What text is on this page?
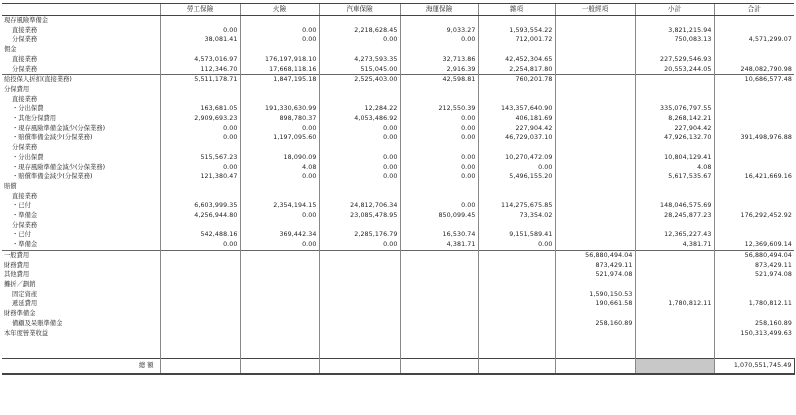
	勞工保險	火險	汽車保險	海運保險	雜項	一般經項	小計	合計
現存風險準備金								
直接業務	0.00	0.00	2,218,628.45	9,033.27	1,593,554.22		3,821,215.94	
分保業務	38,081.41	0.00	0.00	0.00	712,001.72		750,083.13	4,571,299.07
佣金								
直接業務	4,573,016.97	176,197,918.10	4,273,593.35	32,713.86	42,452,304.65		227,529,546.93	
分保業務	112,346.70	17,668,118.16	515,045.00	2,916.39	2,254,817.80		20,553,244.05	248,082,790.98
給投保人折扣(直接業務)	5,511,178.71	1,847,195.18	2,525,403.00	42,598.81	760,201.78			10,686,577.48
分保費用								
直接業務								
・分出保費	163,681.05	191,330,630.99	12,284.22	212,550.39	143,357,640.90		335,076,797.55	
・其他分保費用	2,909,693.23	898,780.37	4,053,486.92	0.00	406,181.69		8,268,142.21	
・現存風險準備金減少(分保業務)	0.00	0.00	0.00	0.00	227,904.42		227,904.42	
・賠償準備金減少(分保業務)	0.00	1,197,095.60	0.00	0.00	46,729,037.10		47,926,132.70	391,498,976.88
分保業務								
・分出保費	515,567.23	18,090.09	0.00	0.00	10,270,472.09		10,804,129.41	
・現存風險準備金減少(分保業務)	0.00	4.08	0.00	0.00	0.00		4.08	
・賠償準備金減少(分保業務)	121,380.47	0.00	0.00	0.00	5,496,155.20		5,617,535.67	16,421,669.16
賠償								
直接業務								
・已付	6,603,999.35	2,354,194.15	24,812,706.34	0.00	114,275,675.85		148,046,575.69	
・準備金	4,256,944.80	0.00	23,085,478.95	850,099.45	73,354.02		28,245,877.23	176,292,452.92
分保業務								
・已付	542,488.16	369,442.34	2,285,176.79	16,530.74	9,151,589.41		12,365,227.43	
・準備金	0.00	0.00	0.00	4,381.71	0.00		4,381.71	12,369,609.14
一般費用						56,880,494.04		56,880,494.04
財務費用						873,429.11		873,429.11
其他費用						521,974.08		521,974.08
攤折／劃銷								
固定資產						1,590,150.53		
遞延費用						190,661.58	1,780,812.11	1,780,812.11
財務準備金								
備顧及呆賬準備金						258,160.89		258,160.89
本年度營業收益								150,313,499.63

總 額								1,070,551,745.49
